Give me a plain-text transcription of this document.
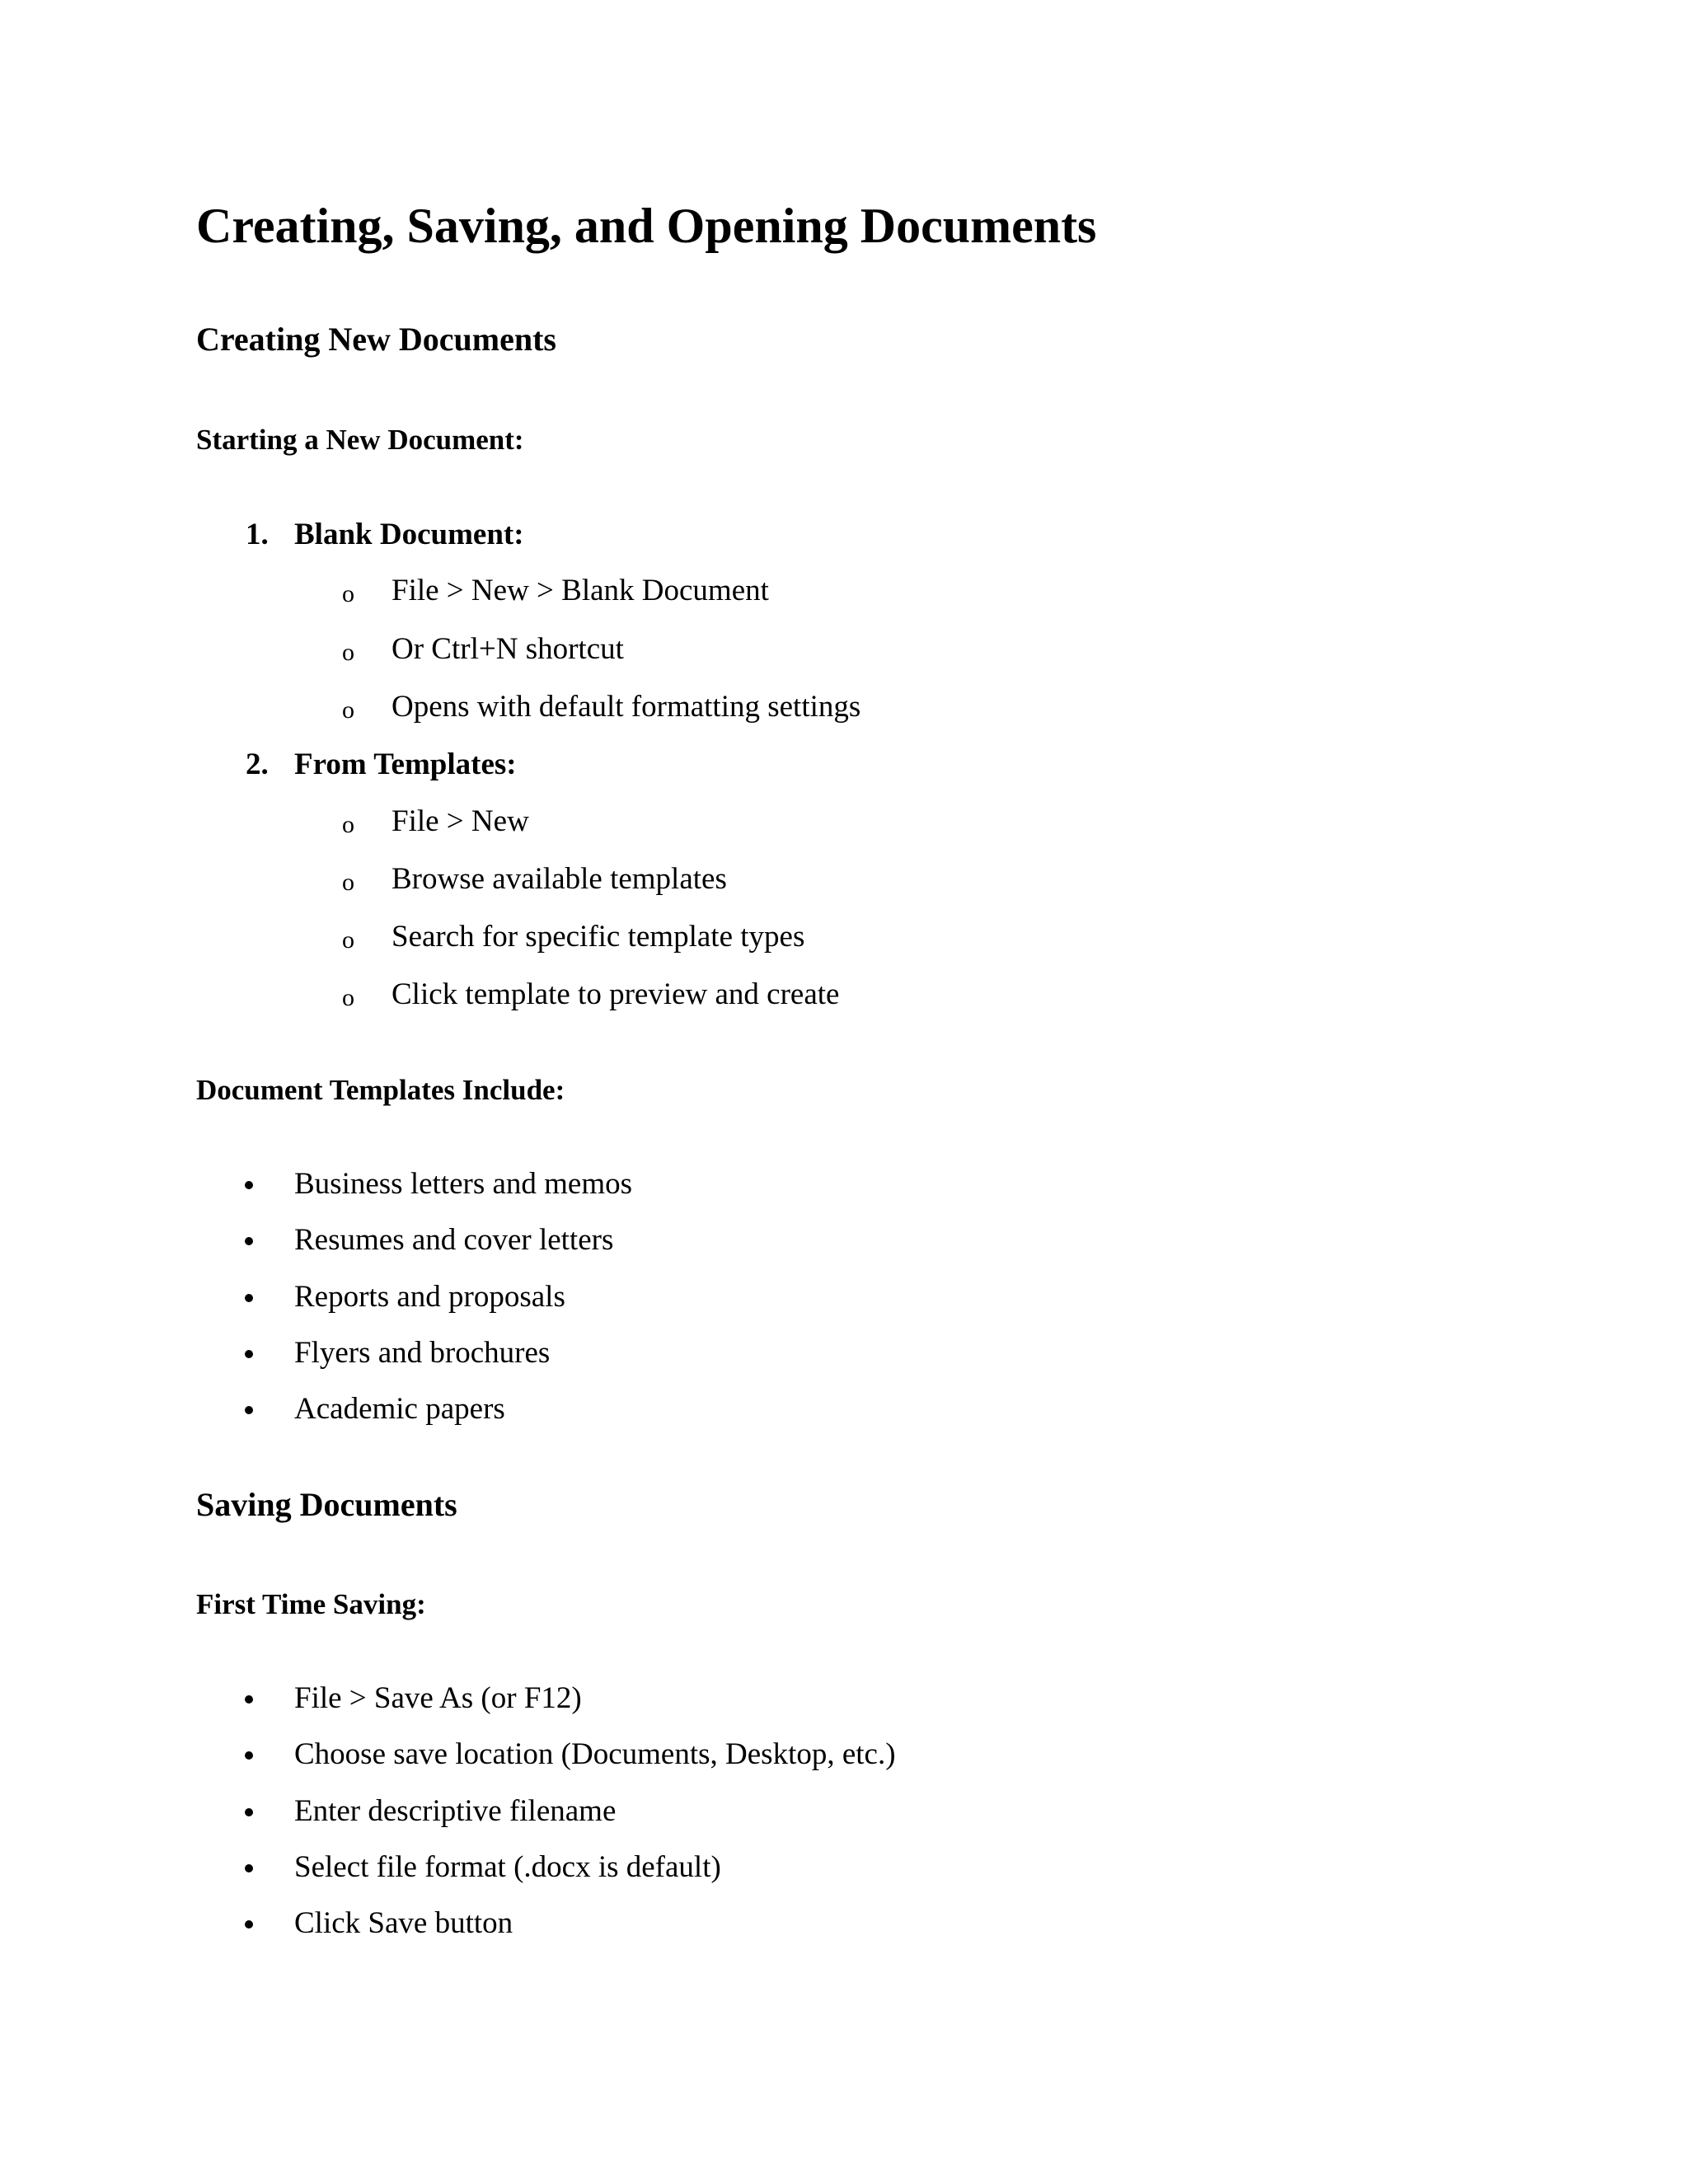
Creating, Saving, and Opening Documents
Creating New Documents
Starting a New Document:
1. Blank Document:
o File > New > Blank Document
o Or Ctrl+N shortcut
o Opens with default formatting settings
2. From Templates:
o File > New
o Browse available templates
o Search for specific template types
o Click template to preview and create
Document Templates Include:
Business letters and memos
Resumes and cover letters
Reports and proposals
Flyers and brochures
Academic papers
Saving Documents
First Time Saving:
File > Save As (or F12)
Choose save location (Documents, Desktop, etc.)
Enter descriptive filename
Select file format (.docx is default)
Click Save button
